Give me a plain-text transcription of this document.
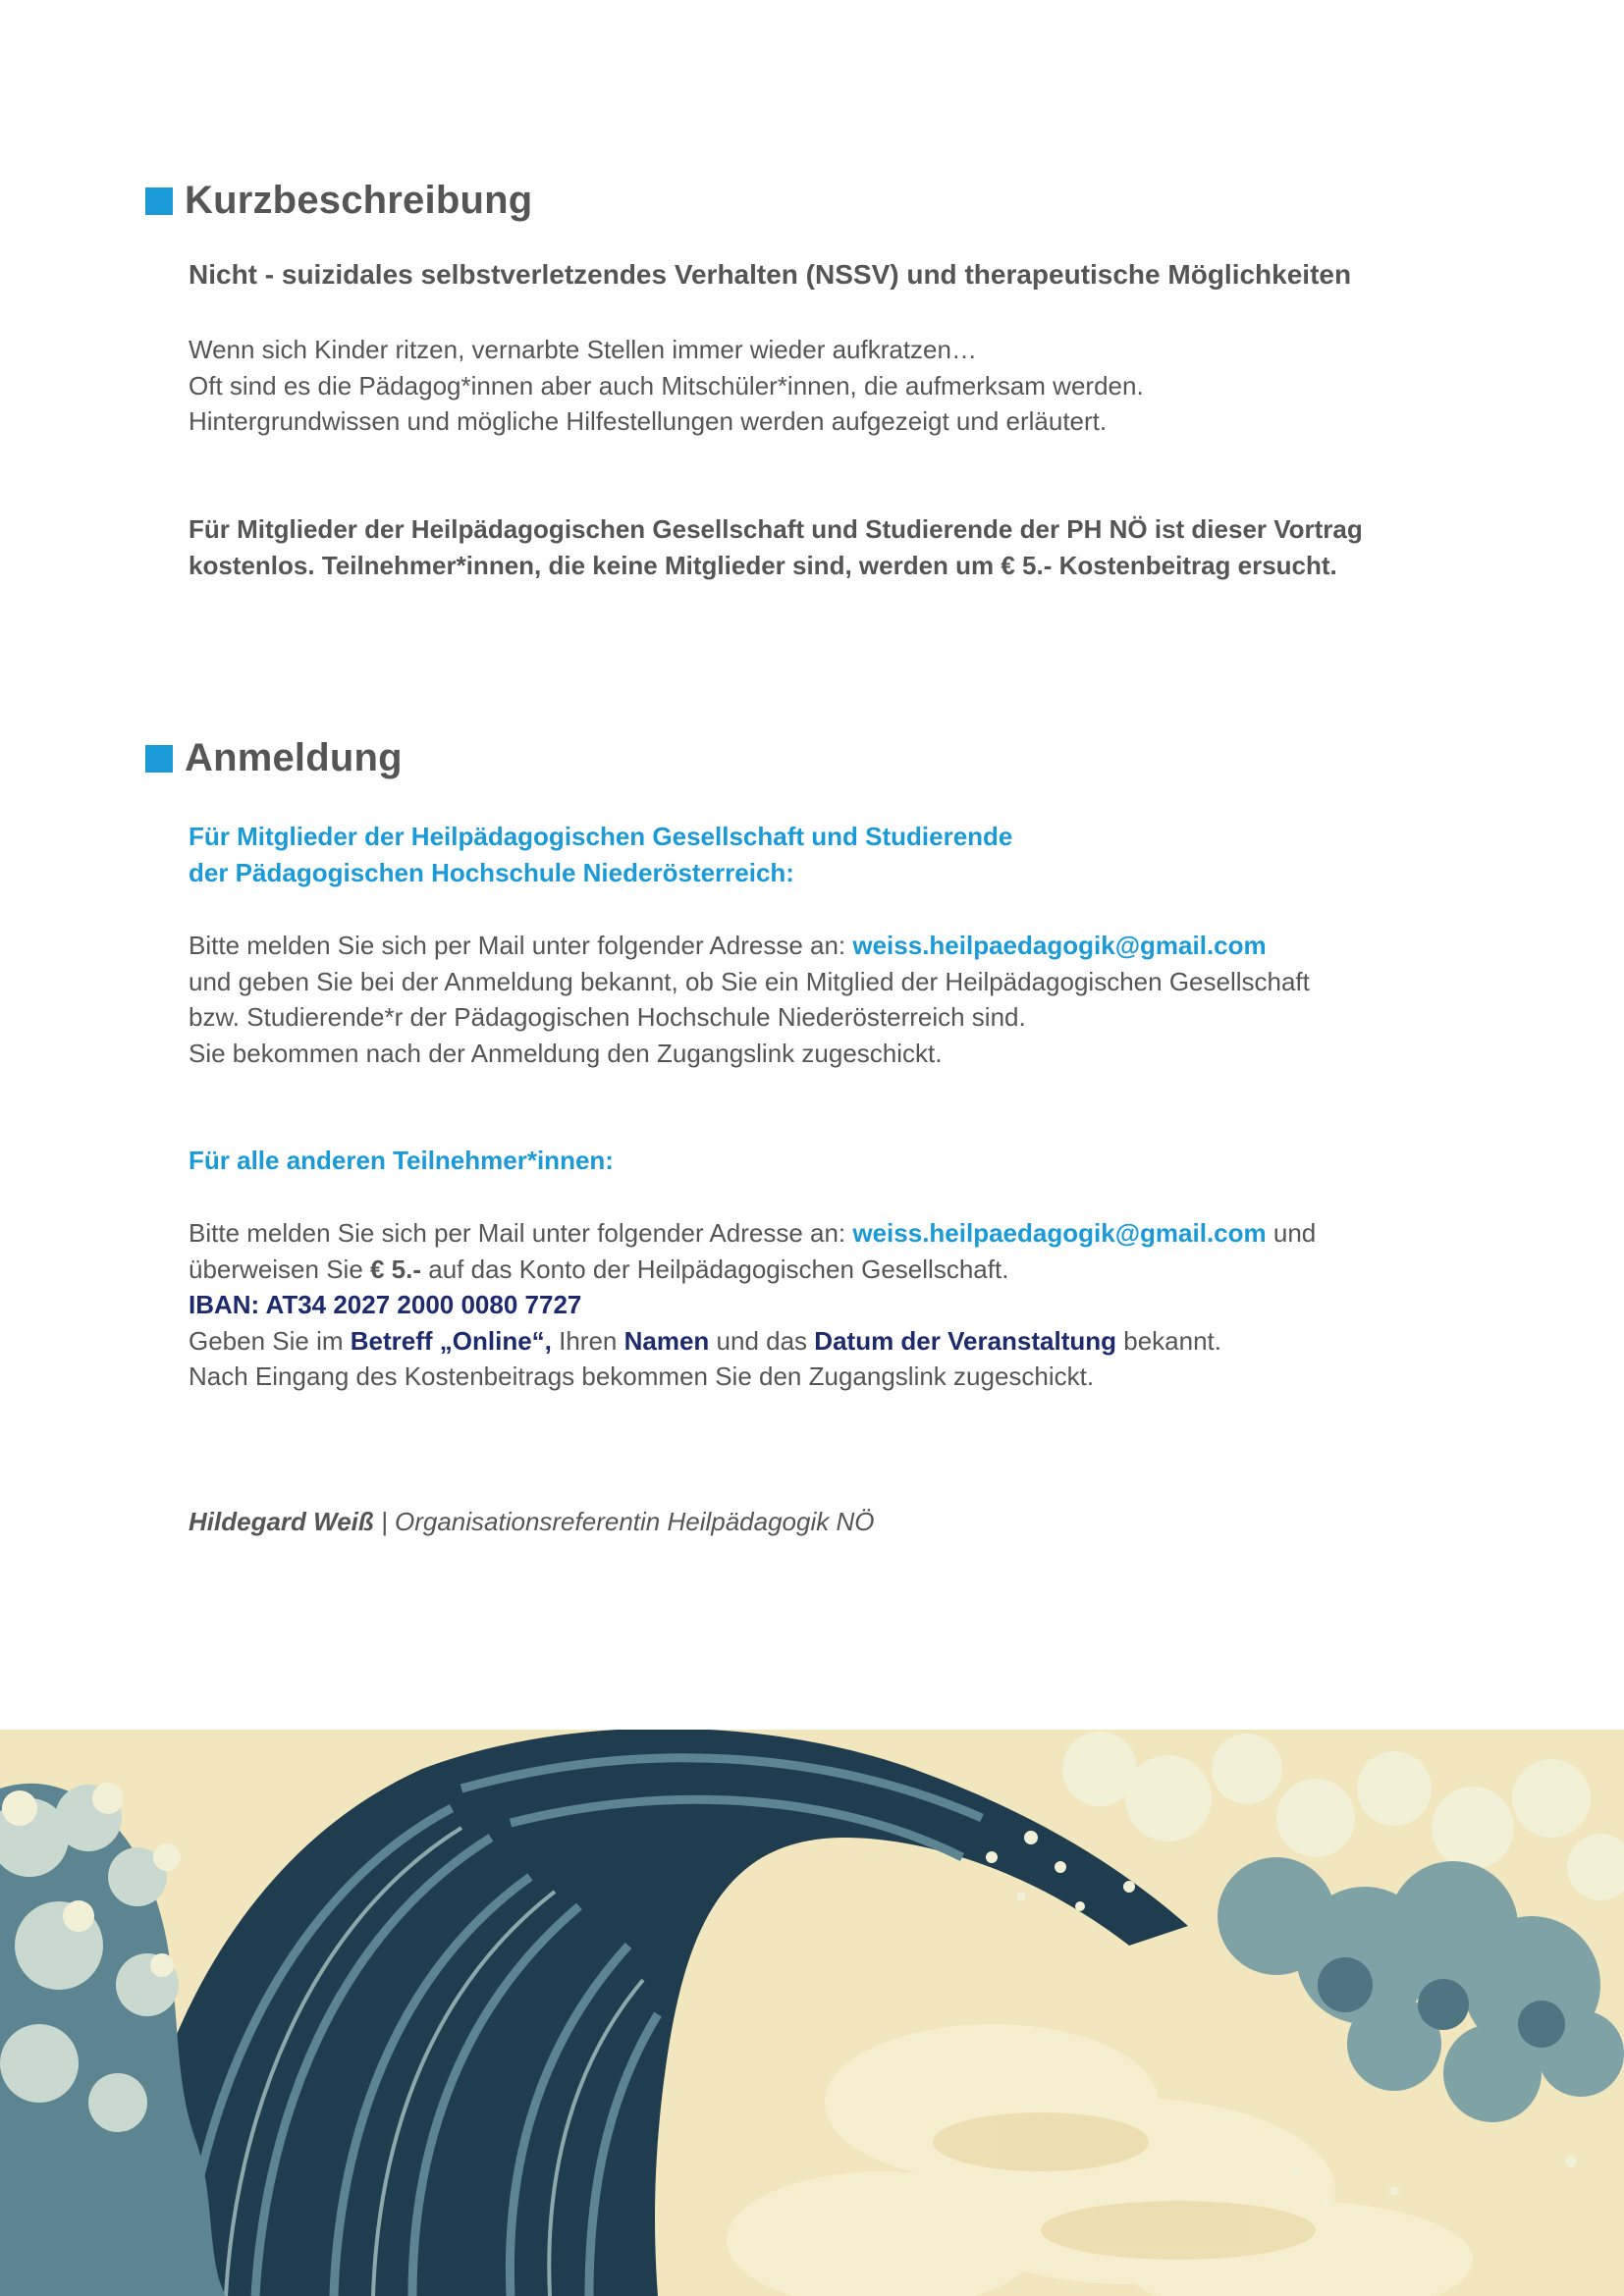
Kurzbeschreibung
Nicht - suizidales selbstverletzendes Verhalten (NSSV) und therapeutische Möglichkeiten
Wenn sich Kinder ritzen, vernarbte Stellen immer wieder aufkratzen…
Oft sind es die Pädagog*innen aber auch Mitschüler*innen, die aufmerksam werden.
Hintergrundwissen und mögliche Hilfestellungen werden aufgezeigt und erläutert.
Für Mitglieder der Heilpädagogischen Gesellschaft und Studierende der PH NÖ ist dieser Vortrag
kostenlos. Teilnehmer*innen, die keine Mitglieder sind, werden um € 5.- Kostenbeitrag ersucht.
Anmeldung
Für Mitglieder der Heilpädagogischen Gesellschaft und Studierende
der Pädagogischen Hochschule Niederösterreich:
Bitte melden Sie sich per Mail unter folgender Adresse an: weiss.heilpaedagogik@gmail.com
und geben Sie bei der Anmeldung bekannt, ob Sie ein Mitglied der Heilpädagogischen Gesellschaft
bzw. Studierende*r der Pädagogischen Hochschule Niederösterreich sind.
Sie bekommen nach der Anmeldung den Zugangslink zugeschickt.
Für alle anderen Teilnehmer*innen:
Bitte melden Sie sich per Mail unter folgender Adresse an: weiss.heilpaedagogik@gmail.com und
überweisen Sie € 5.- auf das Konto der Heilpädagogischen Gesellschaft.
IBAN: AT34 2027 2000 0080 7727
Geben Sie im Betreff „Online“, Ihren Namen und das Datum der Veranstaltung bekannt.
Nach Eingang des Kostenbeitrags bekommen Sie den Zugangslink zugeschickt.
Hildegard Weiß | Organisationsreferentin Heilpädagogik NÖ
